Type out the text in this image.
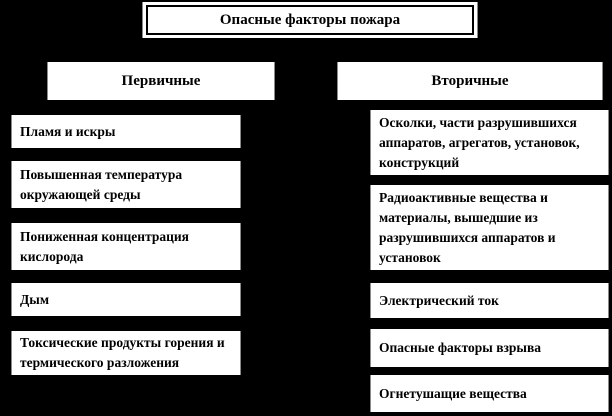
Опасные факторы пожара
Первичные	Вторичные
Пламя и искры
Повышенная температура окружающей среды
Пониженная концентрация кислорода
Дым
Токсические продукты горения и термического разложения
Осколки, части разрушившихся аппаратов, агрегатов, установок, конструкций
Радиоактивные вещества и материалы, вышедшие из разрушившихся аппаратов и установок
Электрический ток
Опасные факторы взрыва
Огнетушащие вещества
